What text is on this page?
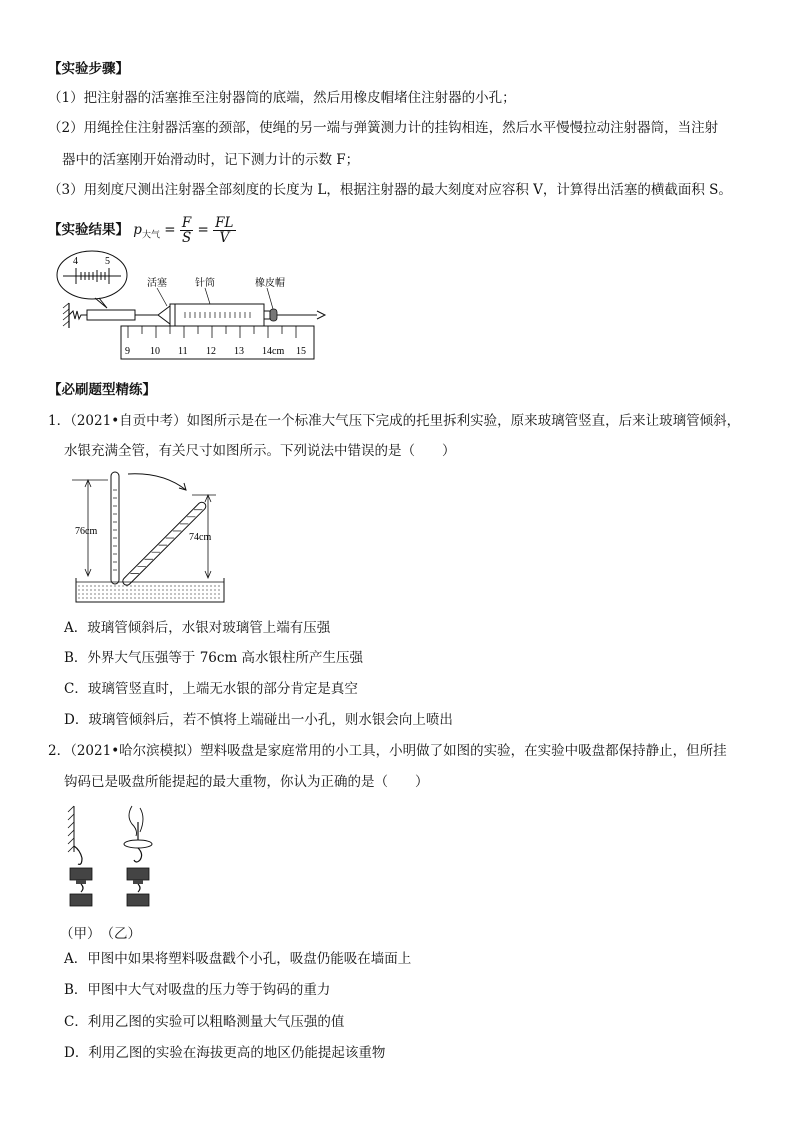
【实验步骤】
（1）把注射器的活塞推至注射器筒的底端，然后用橡皮帽堵住注射器的小孔；
（2）用绳拴住注射器活塞的颈部，使绳的另一端与弹簧测力计的挂钩相连，然后水平慢慢拉动注射器筒，当注射
器中的活塞刚开始滑动时，记下测力计的示数 F；
（3）用刻度尺测出注射器全部刻度的长度为 L，根据注射器的最大刻度对应容积 V，计算得出活塞的横截面积 S。
【实验结果】 $p_{大气} = \frac{F}{S} = \frac{FL}{V}$
4	5
活塞	针筒	橡皮帽
9 10 11 12 13 14cm 15
【必刷题型精练】
1．（2021•自贡中考）如图所示是在一个标准大气压下完成的托里拆利实验，原来玻璃管竖直，后来让玻璃管倾斜，
水银充满全管，有关尺寸如图所示。下列说法中错误的是（　　）
76cm
74cm
A．玻璃管倾斜后，水银对玻璃管上端有压强
B．外界大气压强等于 76cm 高水银柱所产生压强
C．玻璃管竖直时，上端无水银的部分肯定是真空
D．玻璃管倾斜后，若不慎将上端碰出一小孔，则水银会向上喷出
2．（2021•哈尔滨模拟）塑料吸盘是家庭常用的小工具，小明做了如图的实验，在实验中吸盘都保持静止，但所挂
钩码已是吸盘所能提起的最大重物，你认为正确的是（　　）
（甲）　（乙）
A．甲图中如果将塑料吸盘戳个小孔，吸盘仍能吸在墙面上
B．甲图中大气对吸盘的压力等于钩码的重力
C．利用乙图的实验可以粗略测量大气压强的值
D．利用乙图的实验在海拔更高的地区仍能提起该重物
